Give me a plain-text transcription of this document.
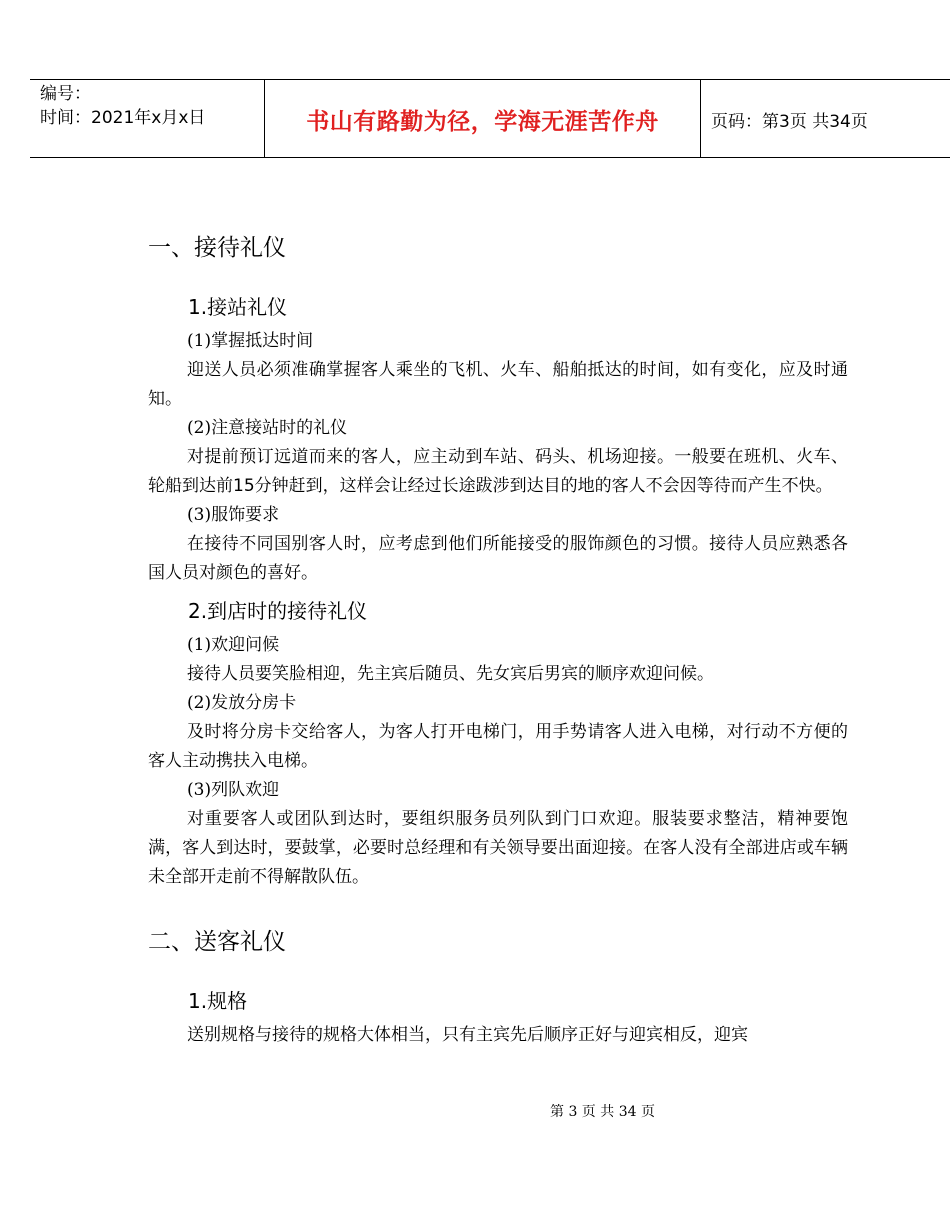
编号：
时间：2021年x月x日	书山有路勤为径，学海无涯苦作舟	页码：第3页 共34页
一、接待礼仪
1.接站礼仪
(1)掌握抵达时间
迎送人员必须准确掌握客人乘坐的飞机、火车、船舶抵达的时间，如有变化，应及时通知。
(2)注意接站时的礼仪
对提前预订远道而来的客人，应主动到车站、码头、机场迎接。一般要在班机、火车、轮船到达前15分钟赶到，这样会让经过长途跋涉到达目的地的客人不会因等待而产生不快。
(3)服饰要求
在接待不同国别客人时，应考虑到他们所能接受的服饰颜色的习惯。接待人员应熟悉各国人员对颜色的喜好。
2.到店时的接待礼仪
(1)欢迎问候
接待人员要笑脸相迎，先主宾后随员、先女宾后男宾的顺序欢迎问候。
(2)发放分房卡
及时将分房卡交给客人，为客人打开电梯门，用手势请客人进入电梯，对行动不方便的客人主动携扶入电梯。
(3)列队欢迎
对重要客人或团队到达时，要组织服务员列队到门口欢迎。服装要求整洁，精神要饱满，客人到达时，要鼓掌，必要时总经理和有关领导要出面迎接。在客人没有全部进店或车辆未全部开走前不得解散队伍。
二、送客礼仪
1.规格
送别规格与接待的规格大体相当，只有主宾先后顺序正好与迎宾相反，迎宾
第 3 页 共 34 页
